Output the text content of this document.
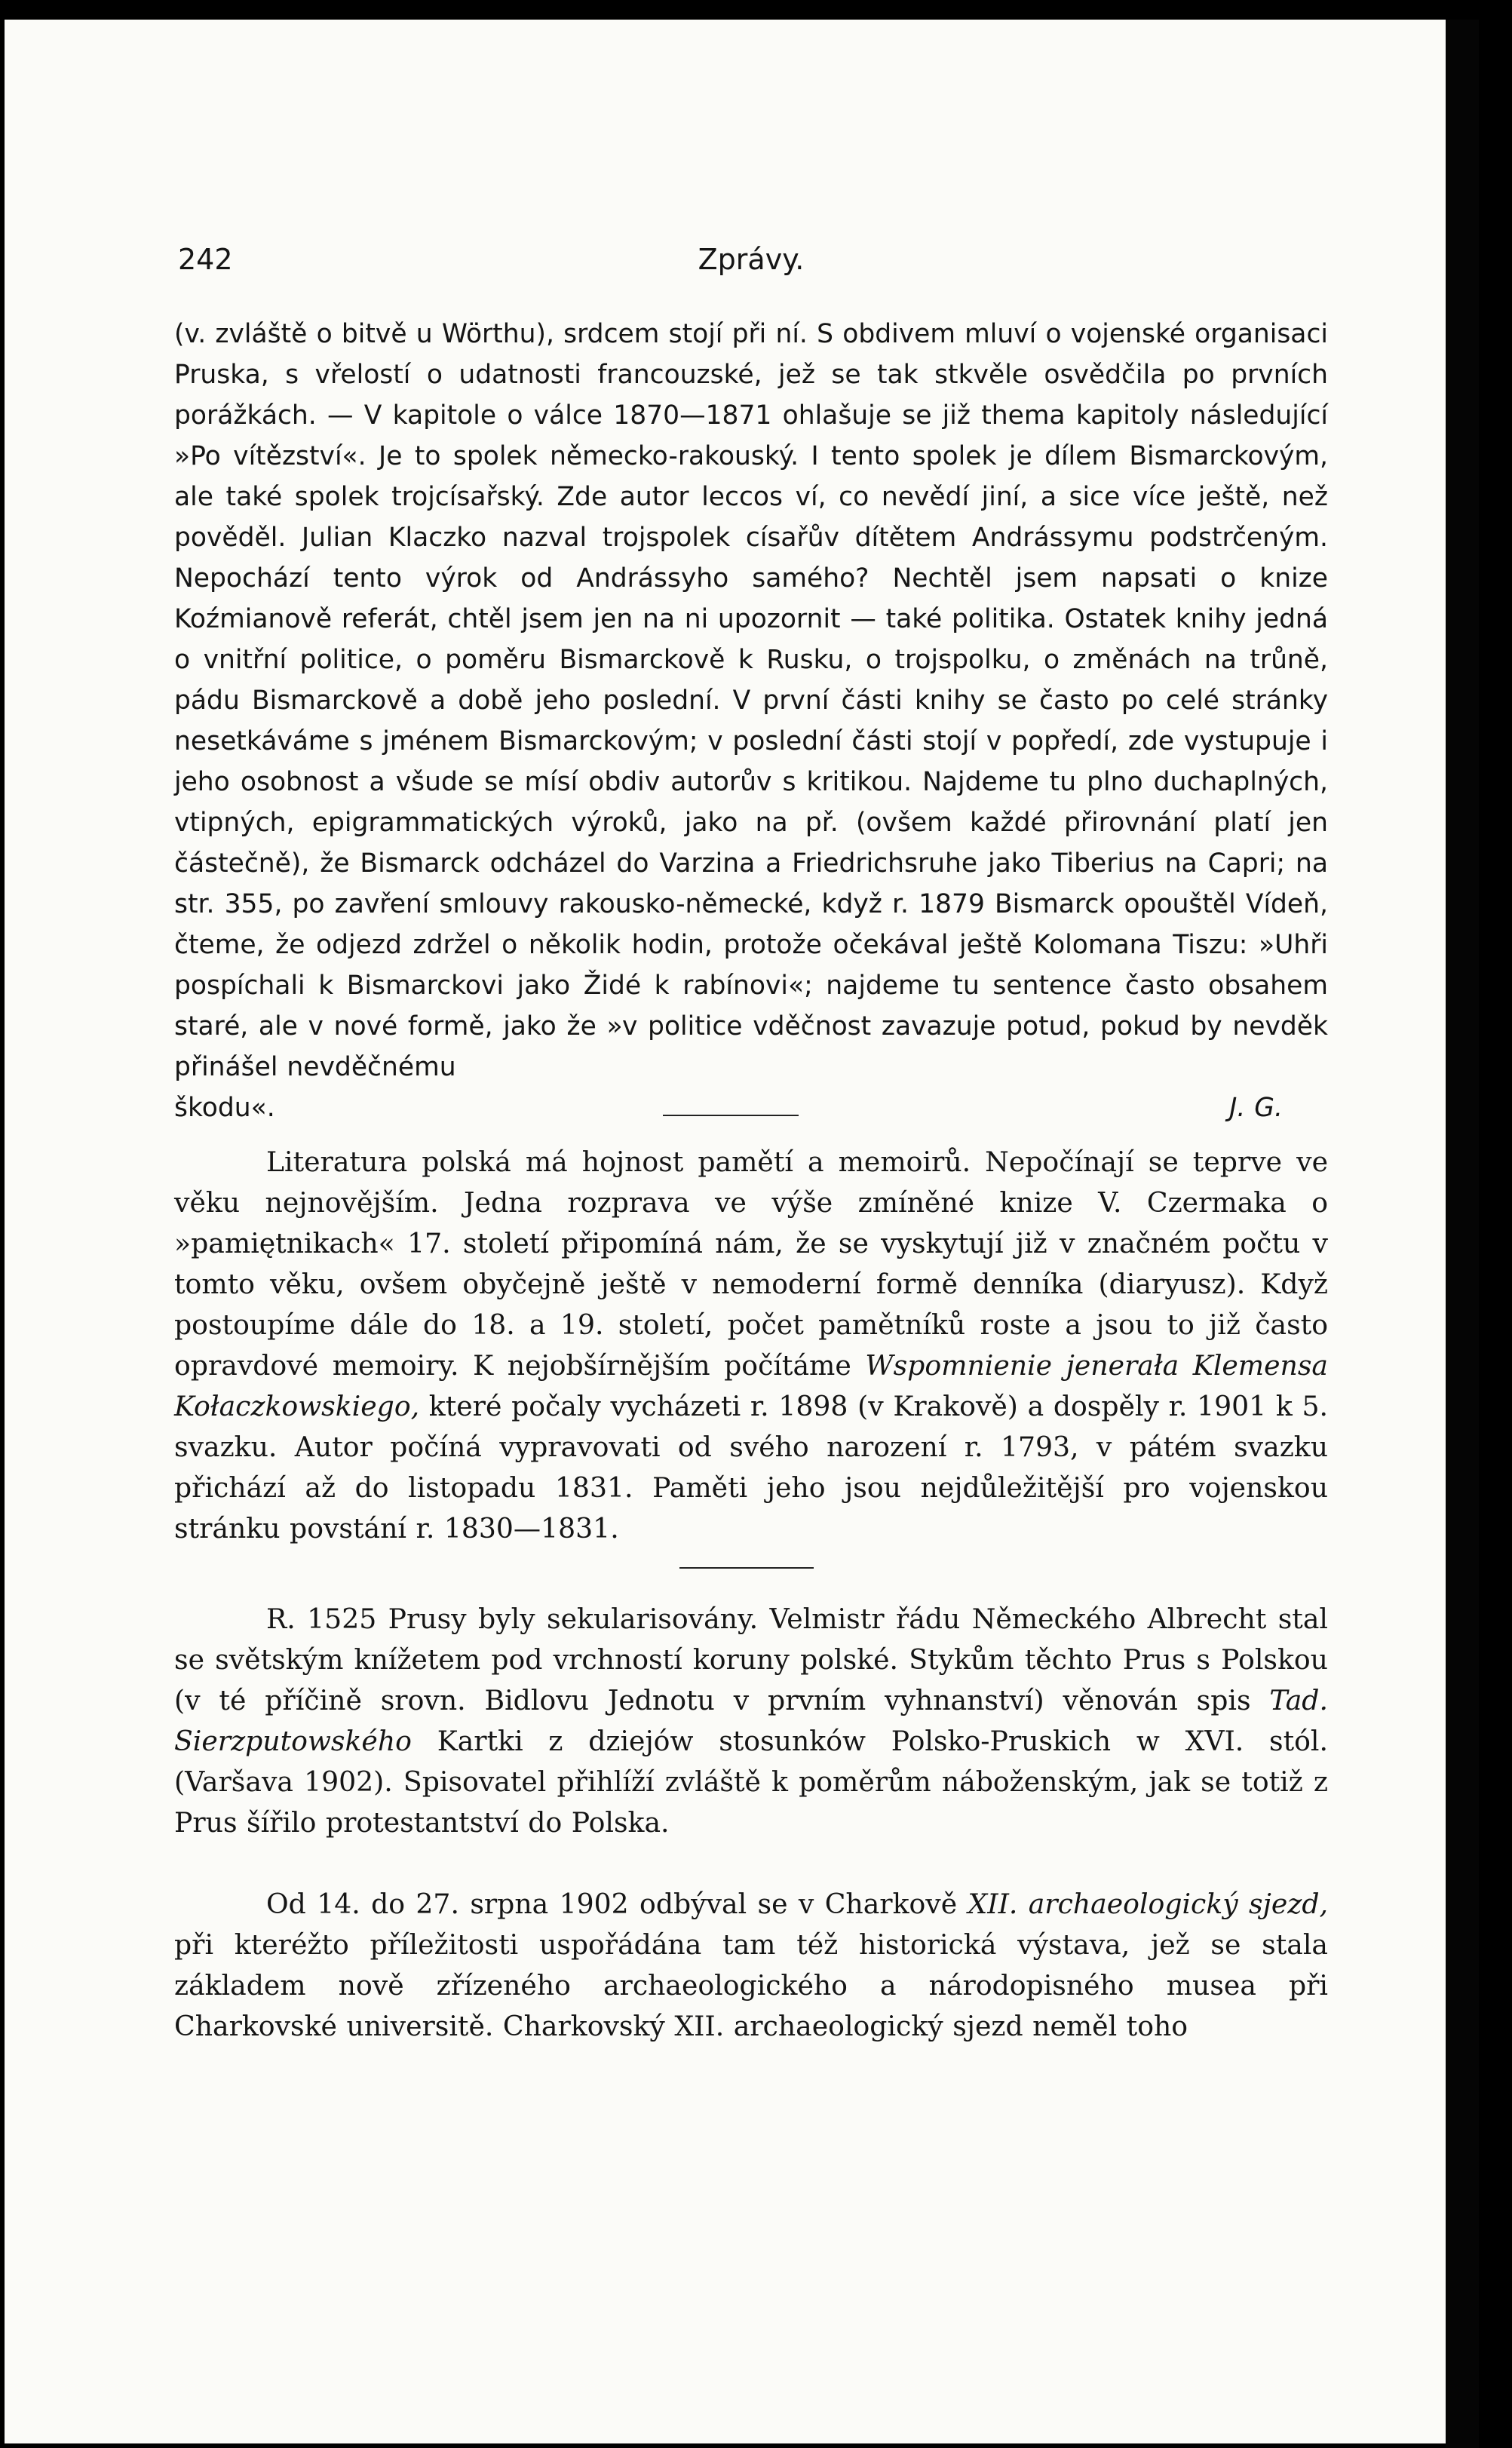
242	Zprávy.

(v. zvláště o bitvě u Wörthu), srdcem stojí při ní. S obdivem mluví o vojenské organisaci Pruska, s vřelostí o udatnosti francouzské, jež se tak stkvěle osvědčila po prvních porážkách. — V kapitole o válce 1870—1871 ohlašuje se již thema kapitoly následující »Po vítězství«. Je to spolek německo-rakouský. I tento spolek je dílem Bismarckovým, ale také spolek trojcísařský. Zde autor leccos ví, co nevědí jiní, a sice více ještě, než pověděl. Julian Klaczko nazval trojspolek císařův dítětem Andrássymu podstrčeným. Nepochází tento výrok od Andrássyho samého? Nechtěl jsem napsati o knize Koźmianově referát, chtěl jsem jen na ni upozornit — také politika. Ostatek knihy jedná o vnitřní politice, o poměru Bismarckově k Rusku, o trojspolku, o změnách na trůně, pádu Bismarckově a době jeho poslední. V první části knihy se často po celé stránky nesetkáváme s jménem Bismarckovým; v poslední části stojí v popředí, zde vystupuje i jeho osobnost a všude se mísí obdiv autorův s kritikou. Najdeme tu plno duchaplných, vtipných, epigrammatických výroků, jako na př. (ovšem každé přirovnání platí jen částečně), že Bismarck odcházel do Varzina a Friedrichsruhe jako Tiberius na Capri; na str. 355, po zavření smlouvy rakousko-německé, když r. 1879 Bismarck opouštěl Vídeň, čteme, že odjezd zdržel o několik hodin, protože očekával ještě Kolomana Tiszu: »Uhři pospíchali k Bismarckovi jako Židé k rabínovi«; najdeme tu sentence často obsahem staré, ale v nové formě, jako že »v politice vděčnost zavazuje potud, pokud by nevděk přinášel nevděčnému

škodu«.	J. G.

Literatura polská má hojnost pamětí a memoirů. Nepočínají se teprve ve věku nejnovějším. Jedna rozprava ve výše zmíněné knize V. Czermaka o »pamiętnikach« 17. století připomíná nám, že se vyskytují již v značném počtu v tomto věku, ovšem obyčejně ještě v nemoderní formě denníka (diaryusz). Když postoupíme dále do 18. a 19. století, počet pamětníků roste a jsou to již často opravdové memoiry. K nejobšírnějším počítáme Wspomnienie jenerała Klemensa Kołaczkowskiego, které počaly vycházeti r. 1898 (v Krakově) a dospěly r. 1901 k 5. svazku. Autor počíná vypravovati od svého narození r. 1793, v pátém svazku přichází až do listopadu 1831. Paměti jeho jsou nejdůležitější pro vojenskou stránku povstání r. 1830—1831.

R. 1525 Prusy byly sekularisovány. Velmistr řádu Německého Albrecht stal se světským knížetem pod vrchností koruny polské. Stykům těchto Prus s Polskou (v té příčině srovn. Bidlovu Jednotu v prvním vyhnanství) věnován spis Tad. Sierzputowského Kartki z dziejów stosunków Polsko-Pruskich w XVI. stól. (Varšava 1902). Spisovatel přihlíží zvláště k poměrům náboženským, jak se totiž z Prus šířilo protestantství do Polska.

Od 14. do 27. srpna 1902 odbýval se v Charkově XII. archaeologický sjezd, při kteréžto příležitosti uspořádána tam též historická výstava, jež se stala základem nově zřízeného archaeologického a národopisného musea při Charkovské universitě. Charkovský XII. archaeologický sjezd neměl toho
